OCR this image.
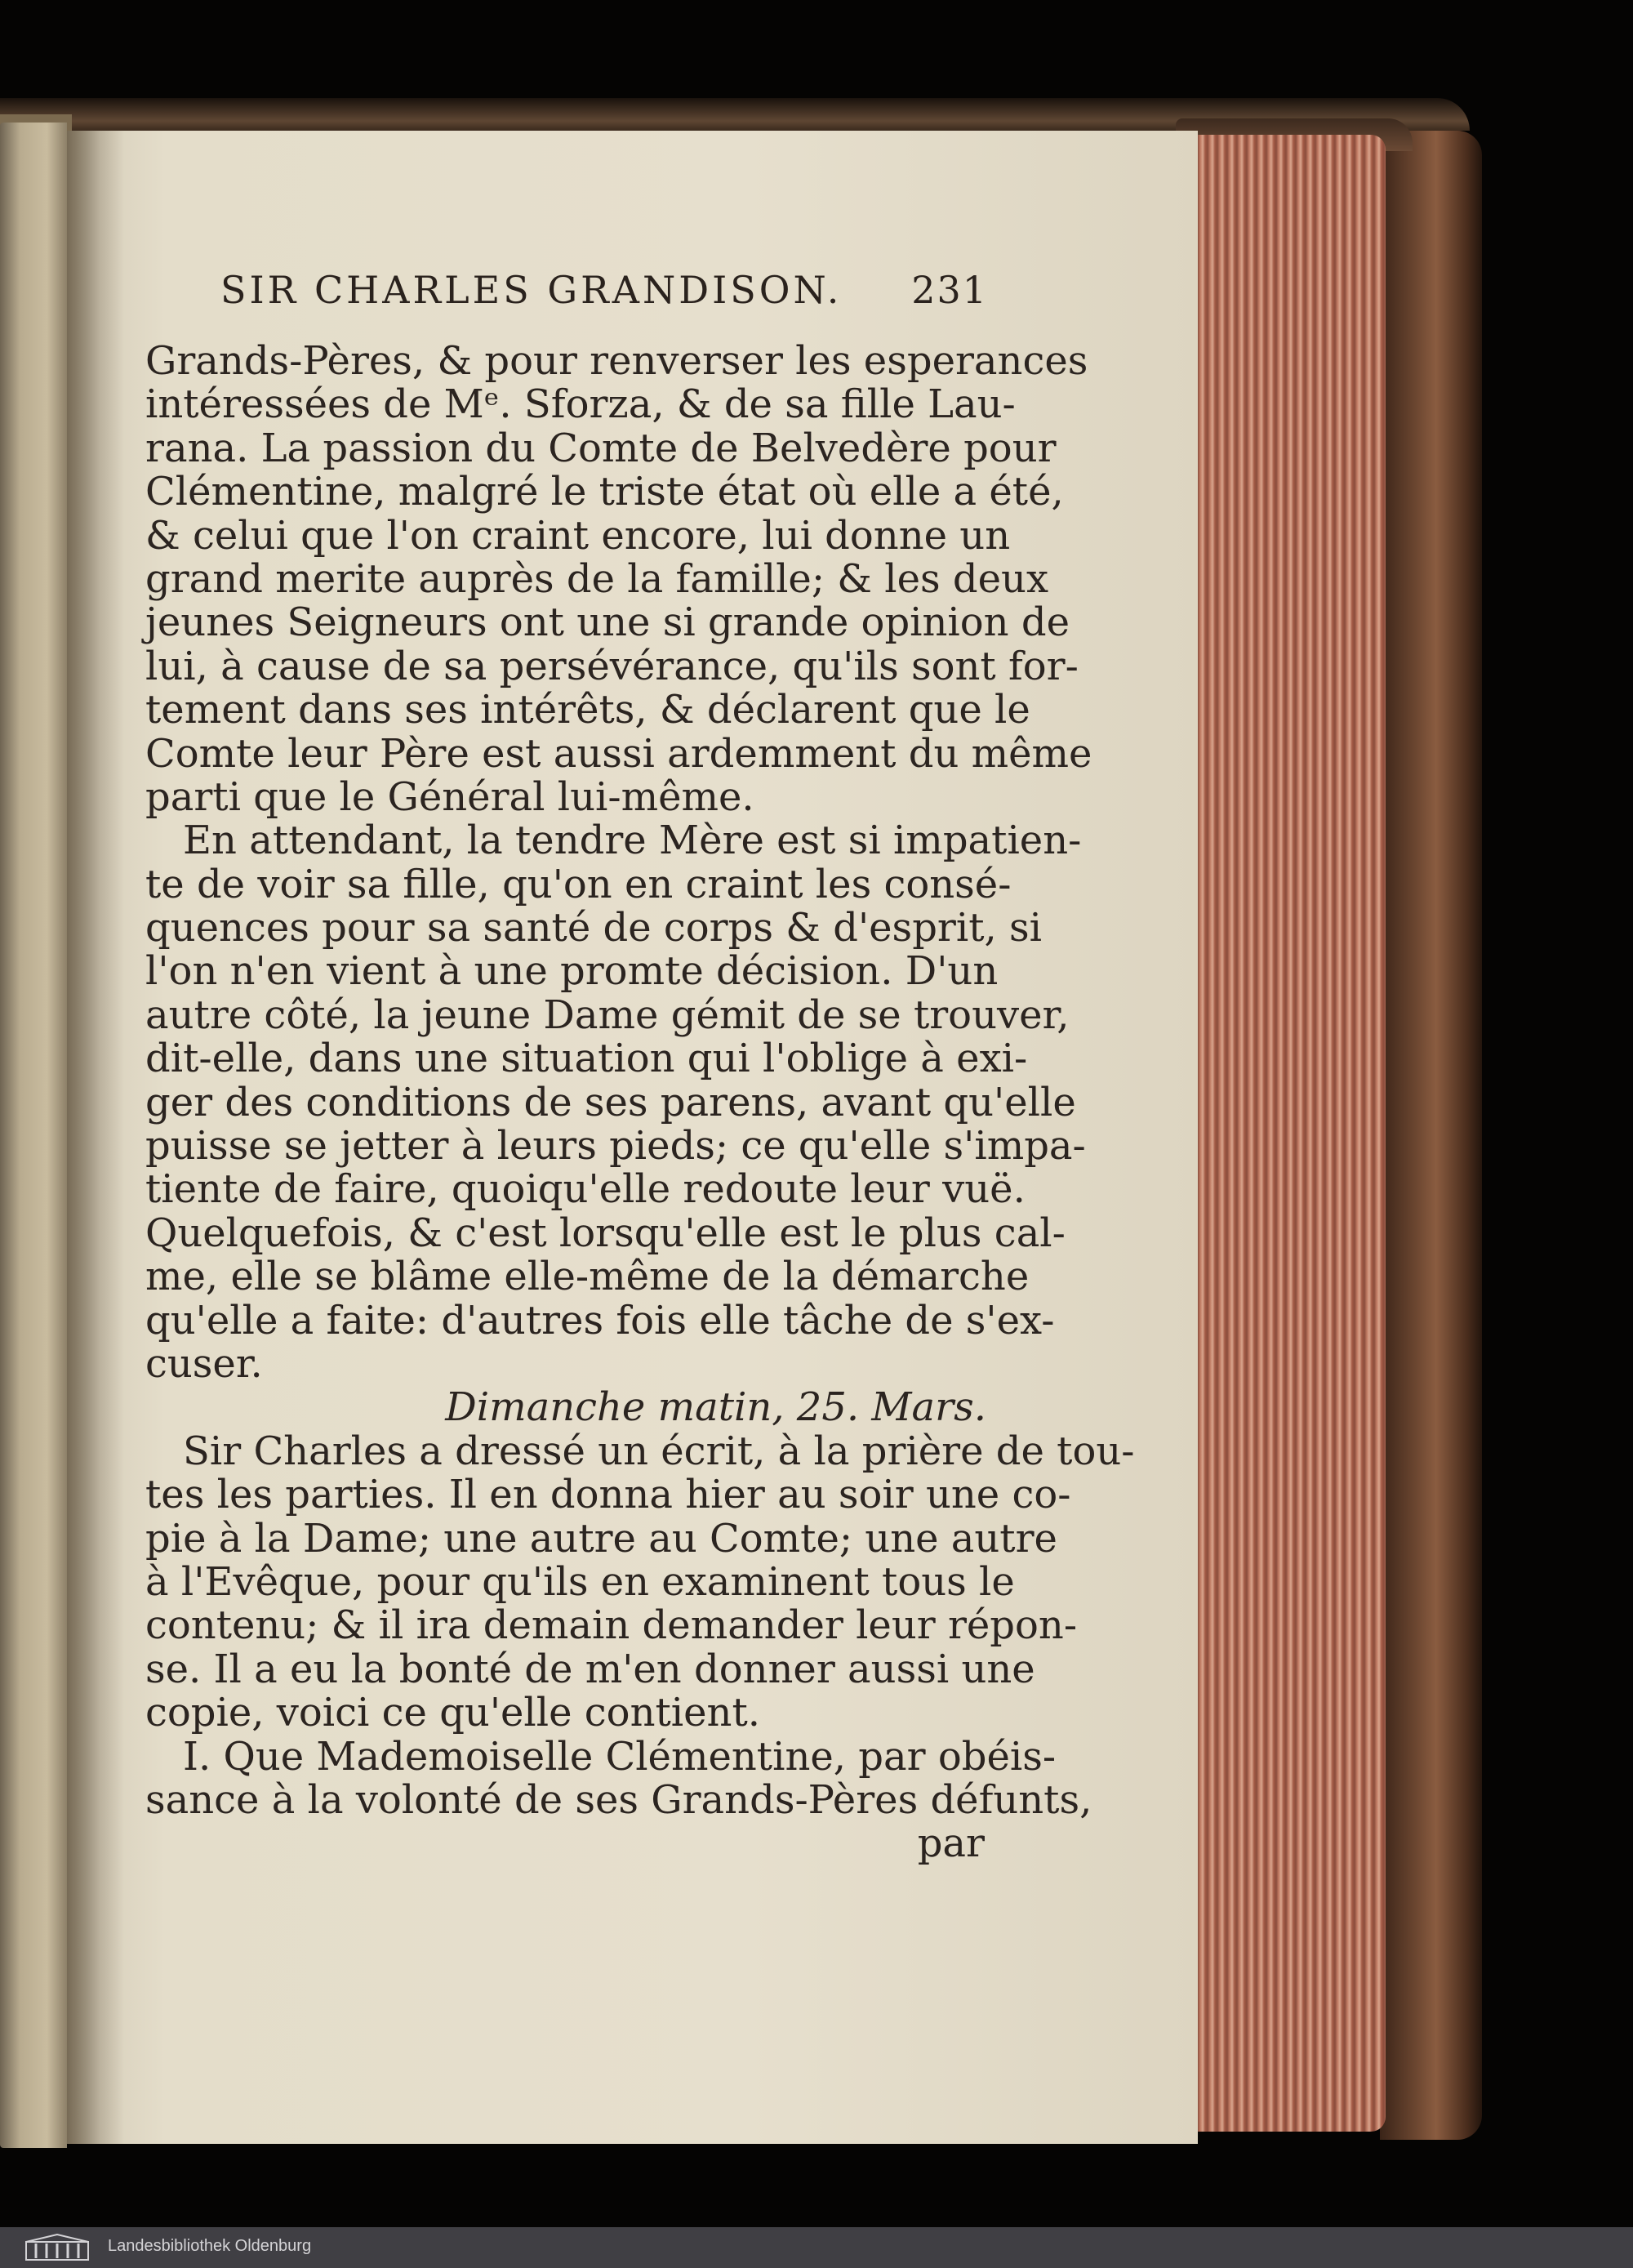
SIR CHARLES GRANDISON. 231
Grands-Pères, & pour renverser les esperances
intéressées de Mᵉ. Sforza, & de sa fille Lau-
rana. La passion du Comte de Belvedère pour
Clémentine, malgré le triste état où elle a été,
& celui que l'on craint encore, lui donne un
grand merite auprès de la famille; & les deux
jeunes Seigneurs ont une si grande opinion de
lui, à cause de sa persévérance, qu'ils sont for-
tement dans ses intérêts, & déclarent que le
Comte leur Père est aussi ardemment du même
parti que le Général lui-même.
En attendant, la tendre Mère est si impatien-
te de voir sa fille, qu'on en craint les consé-
quences pour sa santé de corps & d'esprit, si
l'on n'en vient à une promte décision. D'un
autre côté, la jeune Dame gémit de se trouver,
dit-elle, dans une situation qui l'oblige à exi-
ger des conditions de ses parens, avant qu'elle
puisse se jetter à leurs pieds; ce qu'elle s'impa-
tiente de faire, quoiqu'elle redoute leur vuë.
Quelquefois, & c'est lorsqu'elle est le plus cal-
me, elle se blâme elle-même de la démarche
qu'elle a faite: d'autres fois elle tâche de s'ex-
cuser.
Dimanche matin, 25. Mars.
Sir Charles a dressé un écrit, à la prière de tou-
tes les parties. Il en donna hier au soir une co-
pie à la Dame; une autre au Comte; une autre
à l'Evêque, pour qu'ils en examinent tous le
contenu; & il ira demain demander leur répon-
se. Il a eu la bonté de m'en donner aussi une
copie, voici ce qu'elle contient.
I. Que Mademoiselle Clémentine, par obéis-
sance à la volonté de ses Grands-Pères défunts,
par
Landesbibliothek Oldenburg
